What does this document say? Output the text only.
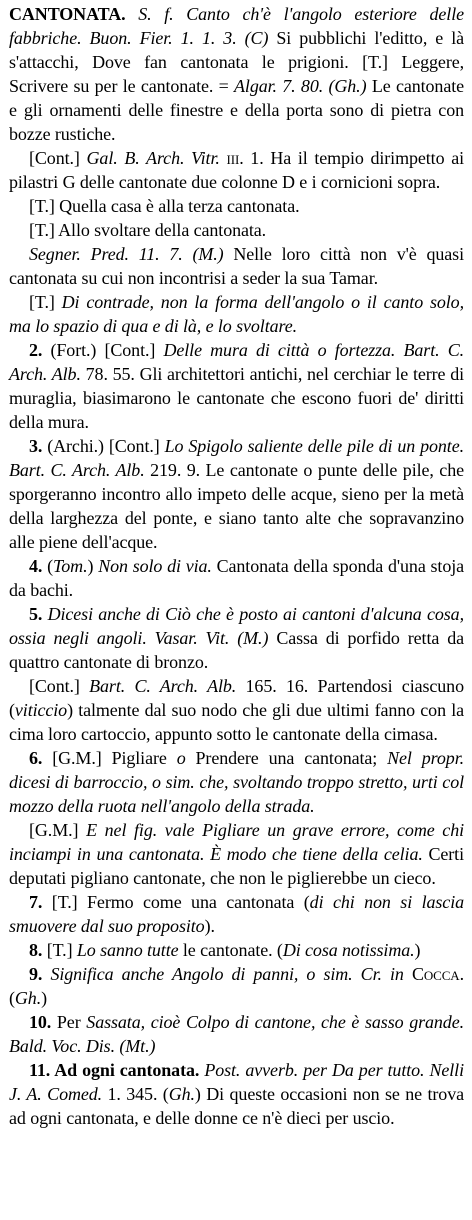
CANTONATA. S. f. Canto ch'è l'angolo esteriore delle fabbriche. Buon. Fier. 1. 1. 3. (C) Si pubblichi l'editto, e là s'attacchi, Dove fan cantonata le prigioni. [T.] Leggere, Scrivere su per le cantonate. = Algar. 7. 80. (Gh.) Le cantonate e gli ornamenti delle finestre e della porta sono di pietra con bozze rustiche.

[Cont.] Gal. B. Arch. Vitr. iii. 1. Ha il tempio dirimpetto ai pilastri G delle cantonate due colonne D e i cornicioni sopra.

[T.] Quella casa è alla terza cantonata.

[T.] Allo svoltare della cantonata.

Segner. Pred. 11. 7. (M.) Nelle loro città non v'è quasi cantonata su cui non incontrisi a seder la sua Tamar.

[T.] Di contrade, non la forma dell'angolo o il canto solo, ma lo spazio di qua e di là, e lo svoltare.

2. (Fort.) [Cont.] Delle mura di città o fortezza. Bart. C. Arch. Alb. 78. 55. Gli architettori antichi, nel cerchiar le terre di muraglia, biasimarono le cantonate che escono fuori de' diritti della mura.

3. (Archi.) [Cont.] Lo Spigolo saliente delle pile di un ponte. Bart. C. Arch. Alb. 219. 9. Le cantonate o punte delle pile, che sporgeranno incontro allo impeto delle acque, sieno per la metà della larghezza del ponte, e siano tanto alte che sopravanzino alle piene dell'acque.

4. (Tom.) Non solo di via. Cantonata della sponda d'una stoja da bachi.

5. Dicesi anche di Ciò che è posto ai cantoni d'alcuna cosa, ossia negli angoli. Vasar. Vit. (M.) Cassa di porfido retta da quattro cantonate di bronzo.

[Cont.] Bart. C. Arch. Alb. 165. 16. Partendosi ciascuno (viticcio) talmente dal suo nodo che gli due ultimi fanno con la cima loro cartoccio, appunto sotto le cantonate della cimasa.

6. [G.M.] Pigliare o Prendere una cantonata; Nel propr. dicesi di barroccio, o sim. che, svoltando troppo stretto, urti col mozzo della ruota nell'angolo della strada.

[G.M.] E nel fig. vale Pigliare un grave errore, come chi inciampi in una cantonata. È modo che tiene della celia. Certi deputati pigliano cantonate, che non le piglierebbe un cieco.

7. [T.] Fermo come una cantonata (di chi non si lascia smuovere dal suo proposito).

8. [T.] Lo sanno tutte le cantonate. (Di cosa notissima.)

9. Significa anche Angolo di panni, o sim. Cr. in Cocca. (Gh.)

10. Per Sassata, cioè Colpo di cantone, che è sasso grande. Bald. Voc. Dis. (Mt.)

11. Ad ogni cantonata. Post. avverb. per Da per tutto. Nelli J. A. Comed. 1. 345. (Gh.) Di queste occasioni non se ne trova ad ogni cantonata, e delle donne ce n'è dieci per uscio.
